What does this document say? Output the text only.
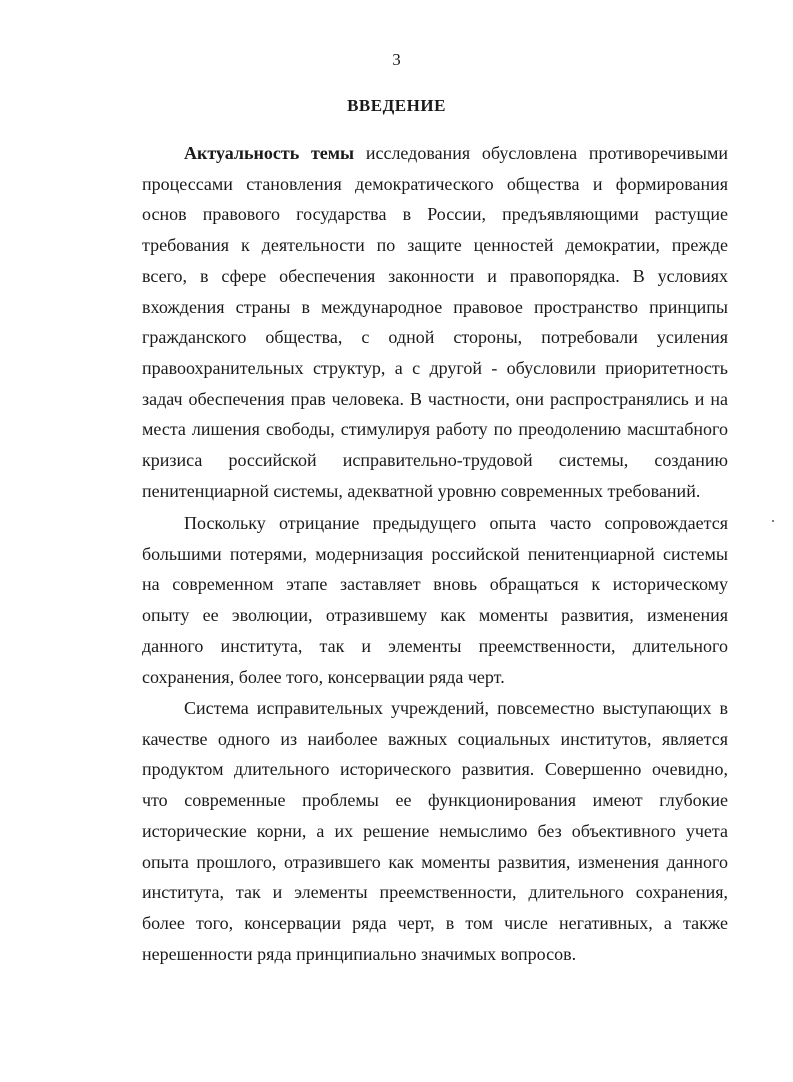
3
ВВЕДЕНИЕ
Актуальность темы исследования обусловлена противоречивыми
процессами становления демократического общества и формирования
основ правового государства в России, предъявляющими растущие
требования к деятельности по защите ценностей демократии, прежде
всего, в сфере обеспечения законности и правопорядка. В условиях
вхождения страны в международное правовое пространство принципы
гражданского общества, с одной стороны, потребовали усиления
правоохранительных структур, а с другой - обусловили приоритетность
задач обеспечения прав человека. В частности, они распространялись и на
места лишения свободы, стимулируя работу по преодолению масштабного
кризиса российской исправительно-трудовой системы, созданию
пенитенциарной системы, адекватной уровню современных требований.
Поскольку отрицание предыдущего опыта часто сопровождается
большими потерями, модернизация российской пенитенциарной системы
на современном этапе заставляет вновь обращаться к историческому
опыту ее эволюции, отразившему как моменты развития, изменения
данного института, так и элементы преемственности, длительного
сохранения, более того, консервации ряда черт.
Система исправительных учреждений, повсеместно выступающих в
качестве одного из наиболее важных социальных институтов, является
продуктом длительного исторического развития. Совершенно очевидно,
что современные проблемы ее функционирования имеют глубокие
исторические корни, а их решение немыслимо без объективного учета
опыта прошлого, отразившего как моменты развития, изменения данного
института, так и элементы преемственности, длительного сохранения,
более того, консервации ряда черт, в том числе негативных, а также
нерешенности ряда принципиально значимых вопросов.
